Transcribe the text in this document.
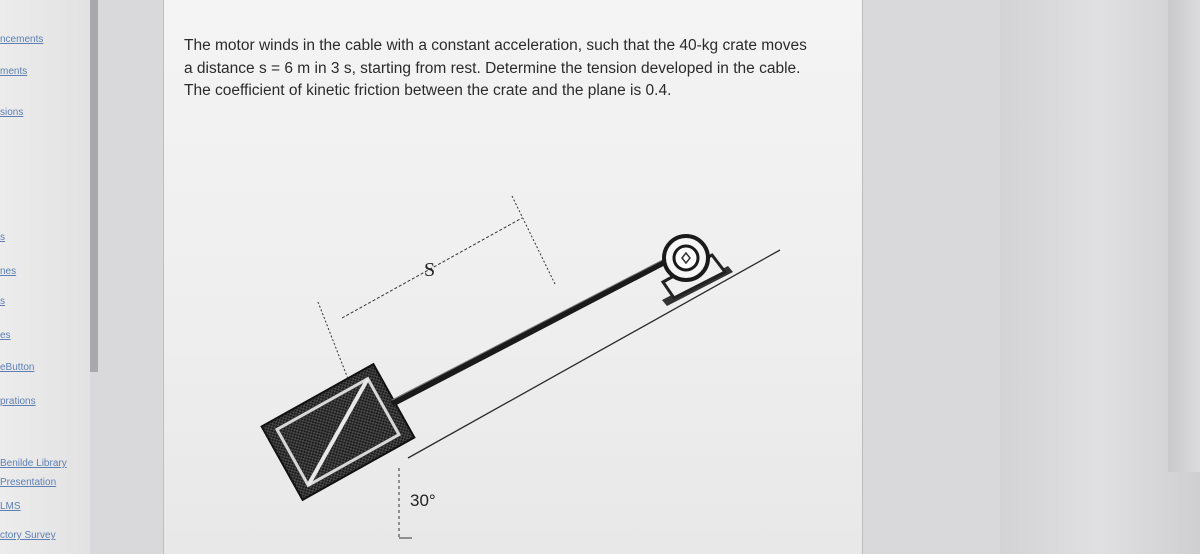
ncements
ments
sions
s
nes
s
es
eButton
prations
Benilde Library
Presentation
LMS
ctory Survey
The motor winds in the cable with a constant acceleration, such that the 40-kg crate moves
a distance s = 6 m in 3 s, starting from rest. Determine the tension developed in the cable.
The coefficient of kinetic friction between the crate and the plane is 0.4.
S
30°
